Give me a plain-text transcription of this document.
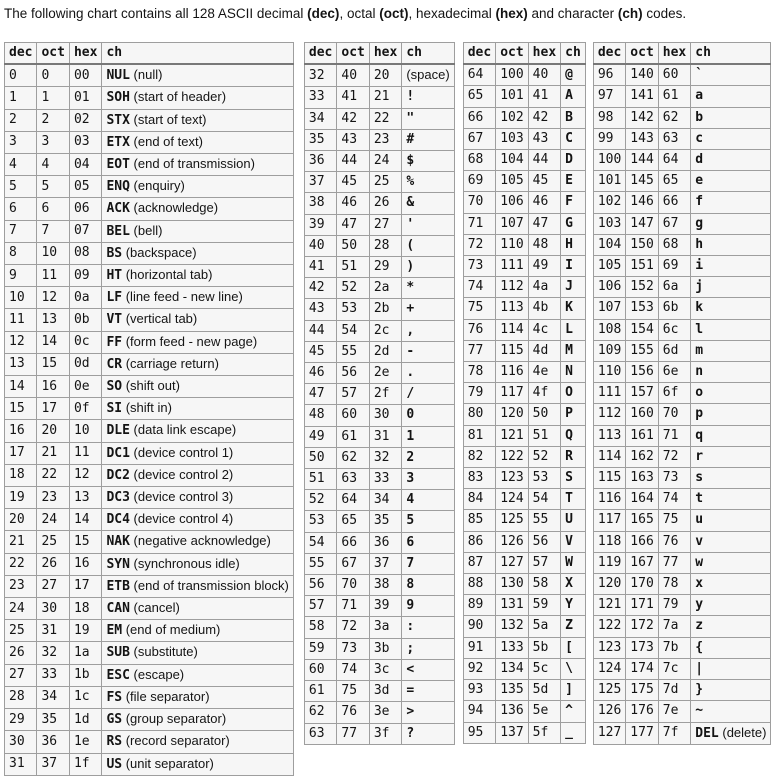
The following chart contains all 128 ASCII decimal (dec), octal (oct), hexadecimal (hex) and character (ch) codes.

dec	oct	hex	ch
0	0	00	NUL (null)
1	1	01	SOH (start of header)
2	2	02	STX (start of text)
3	3	03	ETX (end of text)
4	4	04	EOT (end of transmission)
5	5	05	ENQ (enquiry)
6	6	06	ACK (acknowledge)
7	7	07	BEL (bell)
8	10	08	BS (backspace)
9	11	09	HT (horizontal tab)
10	12	0a	LF (line feed - new line)
11	13	0b	VT (vertical tab)
12	14	0c	FF (form feed - new page)
13	15	0d	CR (carriage return)
14	16	0e	SO (shift out)
15	17	0f	SI (shift in)
16	20	10	DLE (data link escape)
17	21	11	DC1 (device control 1)
18	22	12	DC2 (device control 2)
19	23	13	DC3 (device control 3)
20	24	14	DC4 (device control 4)
21	25	15	NAK (negative acknowledge)
22	26	16	SYN (synchronous idle)
23	27	17	ETB (end of transmission block)
24	30	18	CAN (cancel)
25	31	19	EM (end of medium)
26	32	1a	SUB (substitute)
27	33	1b	ESC (escape)
28	34	1c	FS (file separator)
29	35	1d	GS (group separator)
30	36	1e	RS (record separator)
31	37	1f	US (unit separator)
dec	oct	hex	ch
32	40	20	(space)
33	41	21	!
34	42	22	"
35	43	23	#
36	44	24	$
37	45	25	%
38	46	26	&
39	47	27	'
40	50	28	(
41	51	29	)
42	52	2a	*
43	53	2b	+
44	54	2c	,
45	55	2d	-
46	56	2e	.
47	57	2f	/
48	60	30	0
49	61	31	1
50	62	32	2
51	63	33	3
52	64	34	4
53	65	35	5
54	66	36	6
55	67	37	7
56	70	38	8
57	71	39	9
58	72	3a	:
59	73	3b	;
60	74	3c	<
61	75	3d	=
62	76	3e	>
63	77	3f	?
dec	oct	hex	ch
64	100	40	@
65	101	41	A
66	102	42	B
67	103	43	C
68	104	44	D
69	105	45	E
70	106	46	F
71	107	47	G
72	110	48	H
73	111	49	I
74	112	4a	J
75	113	4b	K
76	114	4c	L
77	115	4d	M
78	116	4e	N
79	117	4f	O
80	120	50	P
81	121	51	Q
82	122	52	R
83	123	53	S
84	124	54	T
85	125	55	U
86	126	56	V
87	127	57	W
88	130	58	X
89	131	59	Y
90	132	5a	Z
91	133	5b	[
92	134	5c	\
93	135	5d	]
94	136	5e	^
95	137	5f	_
dec	oct	hex	ch
96	140	60	`
97	141	61	a
98	142	62	b
99	143	63	c
100	144	64	d
101	145	65	e
102	146	66	f
103	147	67	g
104	150	68	h
105	151	69	i
106	152	6a	j
107	153	6b	k
108	154	6c	l
109	155	6d	m
110	156	6e	n
111	157	6f	o
112	160	70	p
113	161	71	q
114	162	72	r
115	163	73	s
116	164	74	t
117	165	75	u
118	166	76	v
119	167	77	w
120	170	78	x
121	171	79	y
122	172	7a	z
123	173	7b	{
124	174	7c	|
125	175	7d	}
126	176	7e	~
127	177	7f	DEL (delete)
